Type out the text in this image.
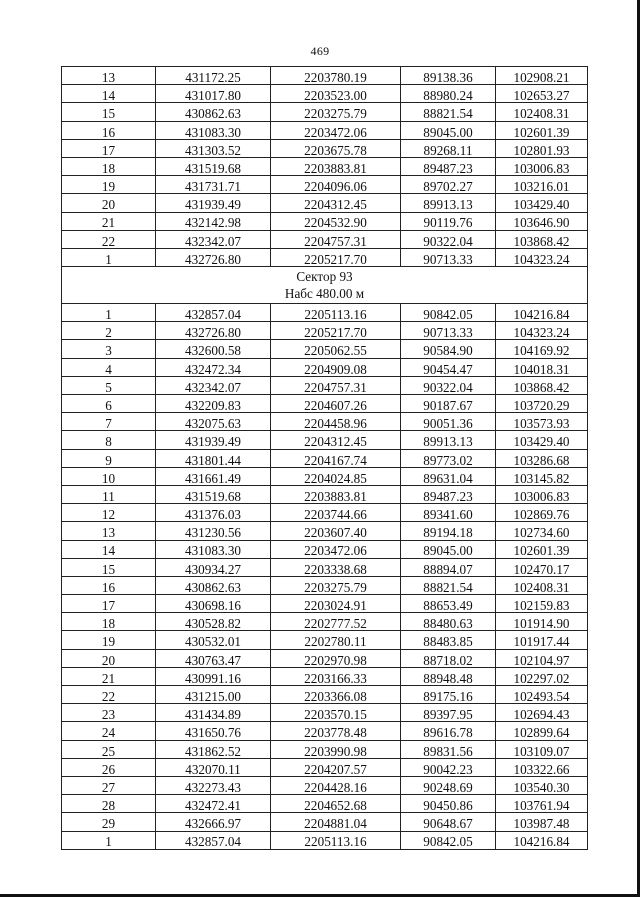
469
13	431172.25	2203780.19	89138.36	102908.21
14	431017.80	2203523.00	88980.24	102653.27
15	430862.63	2203275.79	88821.54	102408.31
16	431083.30	2203472.06	89045.00	102601.39
17	431303.52	2203675.78	89268.11	102801.93
18	431519.68	2203883.81	89487.23	103006.83
19	431731.71	2204096.06	89702.27	103216.01
20	431939.49	2204312.45	89913.13	103429.40
21	432142.98	2204532.90	90119.76	103646.90
22	432342.07	2204757.31	90322.04	103868.42
1	432726.80	2205217.70	90713.33	104323.24

Сектор 93
Набс 480.00 м				

1	432857.04	2205113.16	90842.05	104216.84
2	432726.80	2205217.70	90713.33	104323.24
3	432600.58	2205062.55	90584.90	104169.92
4	432472.34	2204909.08	90454.47	104018.31
5	432342.07	2204757.31	90322.04	103868.42
6	432209.83	2204607.26	90187.67	103720.29
7	432075.63	2204458.96	90051.36	103573.93
8	431939.49	2204312.45	89913.13	103429.40
9	431801.44	2204167.74	89773.02	103286.68
10	431661.49	2204024.85	89631.04	103145.82
11	431519.68	2203883.81	89487.23	103006.83
12	431376.03	2203744.66	89341.60	102869.76
13	431230.56	2203607.40	89194.18	102734.60
14	431083.30	2203472.06	89045.00	102601.39
15	430934.27	2203338.68	88894.07	102470.17
16	430862.63	2203275.79	88821.54	102408.31
17	430698.16	2203024.91	88653.49	102159.83
18	430528.82	2202777.52	88480.63	101914.90
19	430532.01	2202780.11	88483.85	101917.44
20	430763.47	2202970.98	88718.02	102104.97
21	430991.16	2203166.33	88948.48	102297.02
22	431215.00	2203366.08	89175.16	102493.54
23	431434.89	2203570.15	89397.95	102694.43
24	431650.76	2203778.48	89616.78	102899.64
25	431862.52	2203990.98	89831.56	103109.07
26	432070.11	2204207.57	90042.23	103322.66
27	432273.43	2204428.16	90248.69	103540.30
28	432472.41	2204652.68	90450.86	103761.94
29	432666.97	2204881.04	90648.67	103987.48
1	432857.04	2205113.16	90842.05	104216.84
